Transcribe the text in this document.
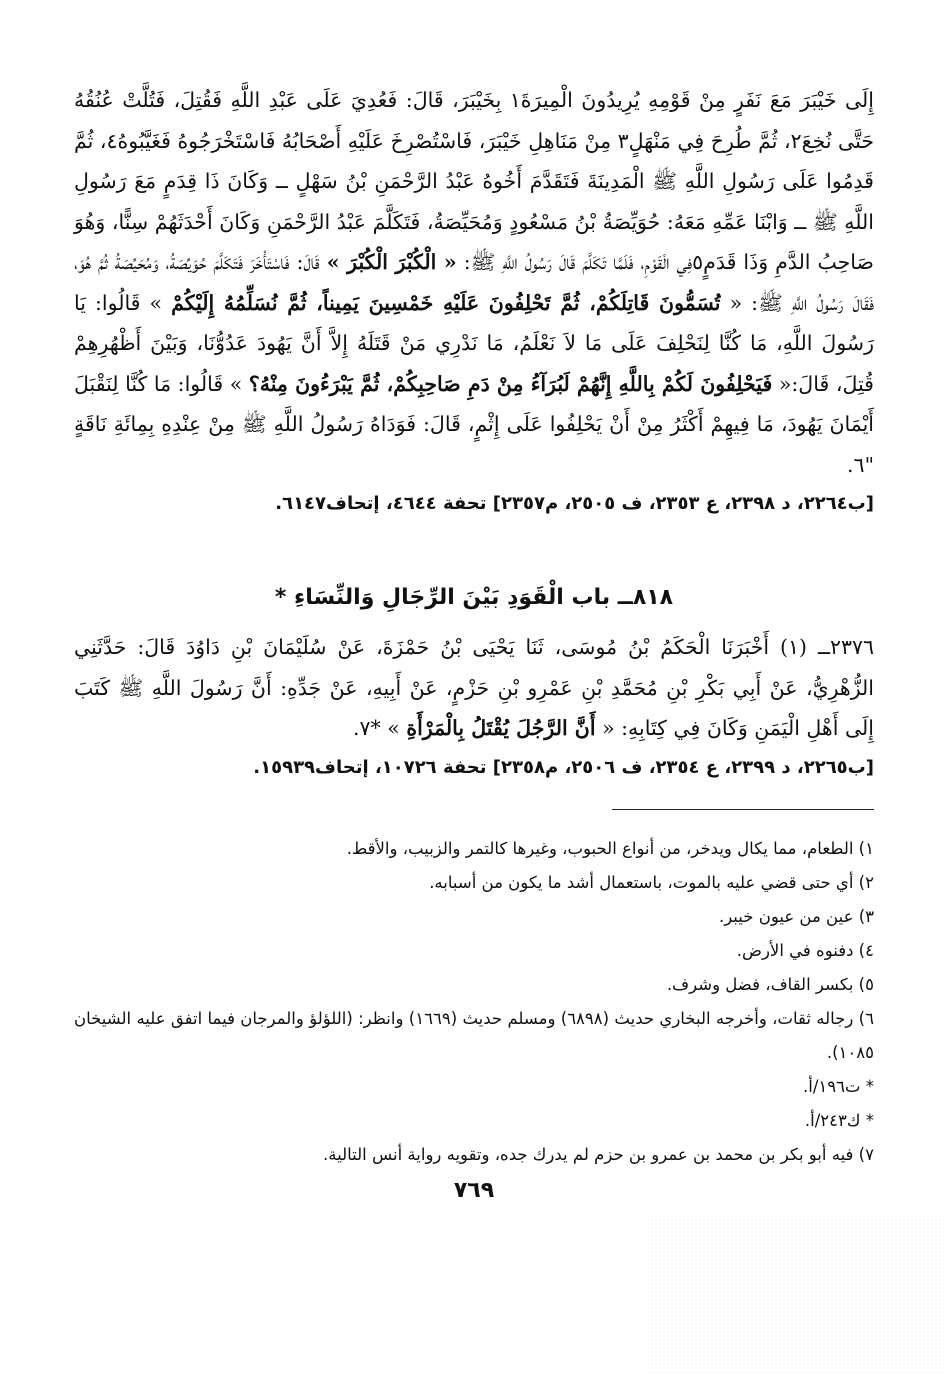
إِلَى خَيْبَرَ مَعَ نَفَرٍ مِنْ قَوْمِهِ يُرِيدُونَ الْمِيرَةَ١ بِخَيْبَرَ، قَالَ: فَعُدِيَ عَلَى عَبْدِ اللَّهِ فَقُتِلَ، فَتُلَّتْ عُنُقُهُ حَتَّى نُخِعَ٢، ثُمَّ طُرِحَ فِي مَنْهَلٍ٣ مِنْ مَنَاهِلِ خَيْبَرَ، فَاسْتُصْرِخَ عَلَيْهِ أَصْحَابُهُ فَاسْتَخْرَجُوهُ فَغَيَّبُوهُ٤، ثُمَّ قَدِمُوا عَلَى رَسُولِ اللَّهِ ﷺ الْمَدِينَةَ فَتَقَدَّمَ أَخُوهُ عَبْدُ الرَّحْمَنِ بْنُ سَهْلٍ ــ وَكَانَ ذَا قِدَمٍ مَعَ رَسُولِ اللَّهِ ﷺ ــ وَابْنَا عَمِّهِ مَعَهُ: حُوَيِّصَةُ بْنُ مَسْعُودٍ وَمُحَيِّصَةُ، فَتَكَلَّمَ عَبْدُ الرَّحْمَنِ وَكَانَ أَحْدَثَهُمْ سِنًّا، وَهُوَ صَاحِبُ الدَّمِ وَذَا قَدَمٍ٥فِي الْقَوْمِ، فَلَمَّا تَكَلَّمَ قَالَ رَسُولُ اللَّهِ ﷺ: « الْكُبْرَ الْكُبْرَ » قَالَ: فَاسْتَأْخَرَ فَتَكَلَّمَ حُوَيِّصَةُ، وَمُحَيِّصَةُ ثُمَّ هُوَ، فَقَالَ رَسُولُ اللَّهِ ﷺ: « تُسَمُّونَ قَاتِلَكُمْ، ثُمَّ تَحْلِفُونَ عَلَيْهِ خَمْسِينَ يَمِيناً، ثُمَّ نُسَلِّمُهُ إِلَيْكُمْ » قَالُوا: يَا رَسُولَ اللَّهِ، مَا كُنَّا لِنَحْلِفَ عَلَى مَا لاَ نَعْلَمُ، مَا نَدْرِي مَنْ قَتَلَهُ إِلاَّ أَنَّ يَهُودَ عَدُوُّنَا، وَبَيْنَ أَظْهُرِهِمْ قُتِلَ، قَالَ:« فَيَحْلِفُونَ لَكُمْ بِاللَّهِ إِنَّهُمْ لَبُرَآءُ مِنْ دَمِ صَاحِبِكُمْ، ثُمَّ يَبْرَءُونَ مِنْهُ؟ » قَالُوا: مَا كُنَّا لِنَقْبَلَ أَيْمَانَ يَهُودَ، مَا فِيهِمْ أَكْثَرُ مِنْ أَنْ يَحْلِفُوا عَلَى إِثْمٍ، قَالَ: فَوَدَاهُ رَسُولُ اللَّهِ ﷺ مِنْ عِنْدِهِ بِمِائَةِ نَاقَةٍ "٦.

[ب٢٢٦٤، د ٢٣٩٨، ع ٢٣٥٣، ف ٢٥٠٥، م٢٣٥٧] تحفة ٤٦٤٤، إتحاف٦١٤٧.

٨١٨ــ باب الْقَوَدِ بَيْنَ الرِّجَالِ وَالنِّسَاءِ *

٢٣٧٦ــ (١) أَخْبَرَنَا الْحَكَمُ بْنُ مُوسَى، ثَنَا يَحْيَى بْنُ حَمْزَةَ، عَنْ سُلَيْمَانَ بْنِ دَاوُدَ قَالَ: حَدَّثَنِي الزُّهْرِيُّ، عَنْ أَبِي بَكْرِ بْنِ مُحَمَّدِ بْنِ عَمْرِو بْنِ حَزْمٍ، عَنْ أَبِيهِ، عَنْ جَدِّهِ: أَنَّ رَسُولَ اللَّهِ ﷺ كَتَبَ إِلَى أَهْلِ الْيَمَنِ وَكَانَ فِي كِتَابِهِ: « أَنَّ الرَّجُلَ يُقْتَلُ بِالْمَرْأَةِ » *٧.

[ب٢٢٦٥، د ٢٣٩٩، ع ٢٣٥٤، ف ٢٥٠٦، م٢٣٥٨] تحفة ١٠٧٢٦، إتحاف١٥٩٣٩.

١) الطعام، مما يكال ويدخر، من أنواع الحبوب، وغيرها كالتمر والزبيب، والأقط.

٢) أي حتى قضي عليه بالموت، باستعمال أشد ما يكون من أسبابه.

٣) عين من عيون خيبر.

٤) دفنوه في الأرض.

٥) بكسر القاف، فضل وشرف.

٦) رجاله ثقات، وأخرجه البخاري حديث (٦٨٩٨) ومسلم حديث (١٦٦٩) وانظر: (اللؤلؤ والمرجان فيما اتفق عليه الشيخان ١٠٨٥).

* ت١٩٦/أ.

* ك٢٤٣/أ.

٧) فيه أبو بكر بن محمد بن عمرو بن حزم لم يدرك جده، وتقويه رواية أنس التالية.

٧٦٩
